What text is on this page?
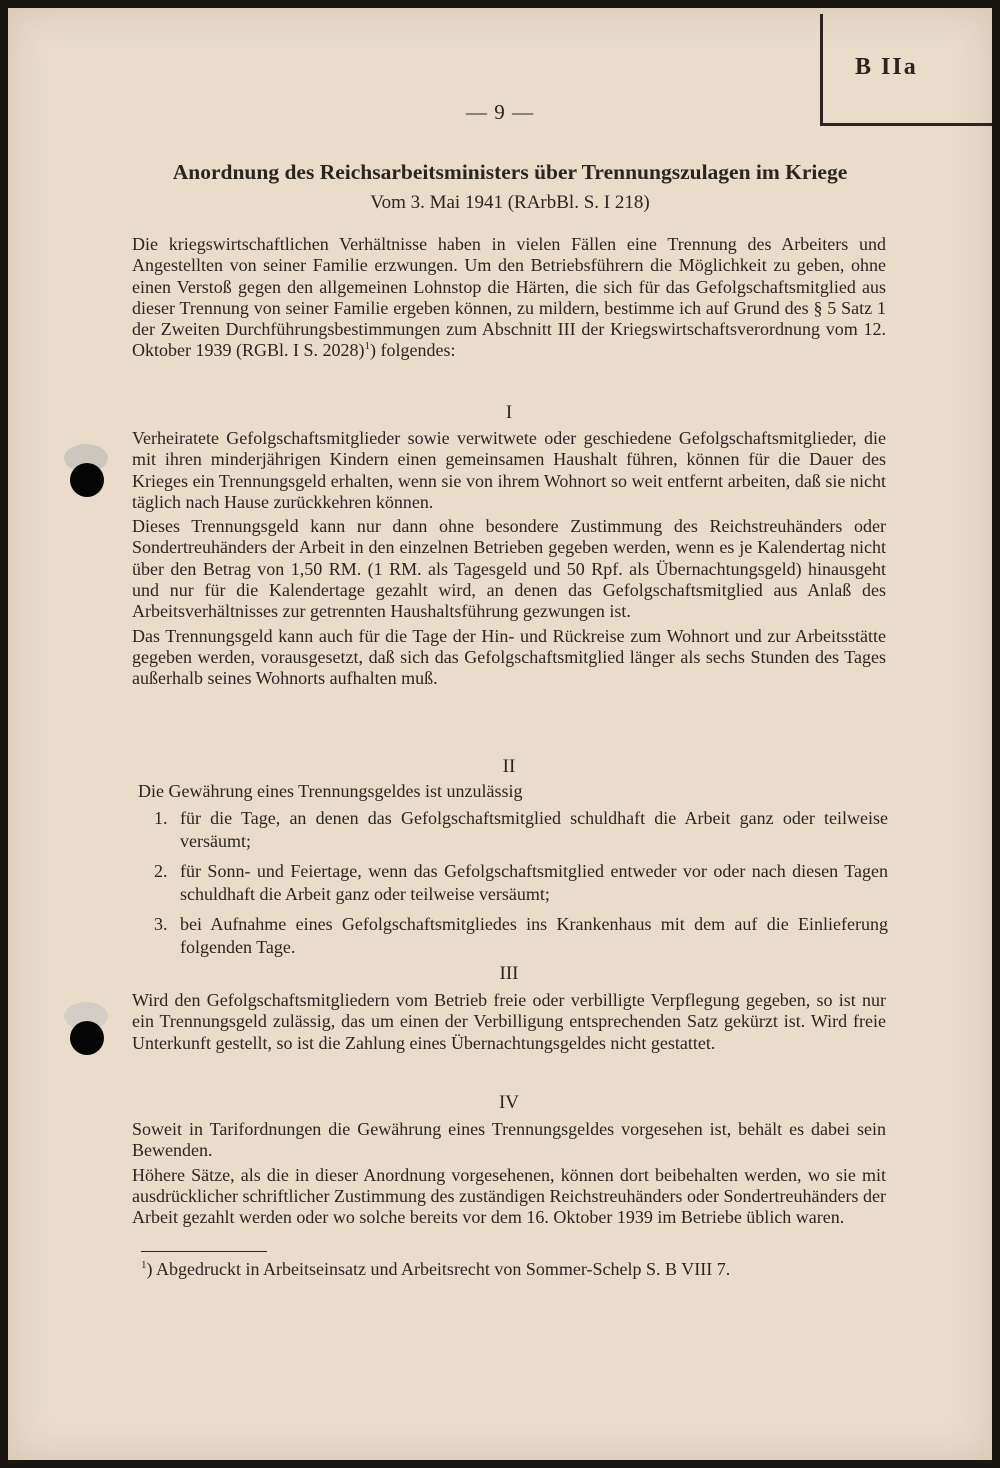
B IIa
— 9 —
Anordnung des Reichsarbeitsministers über Trennungszulagen im Kriege
Vom 3. Mai 1941 (RArbBl. S. I 218)

Die kriegswirtschaftlichen Verhältnisse haben in vielen Fällen eine Trennung des Arbeiters und Angestellten von seiner Familie erzwungen. Um den Betriebsführern die Möglichkeit zu geben, ohne einen Verstoß gegen den allgemeinen Lohnstop die Härten, die sich für das Gefolgschaftsmitglied aus dieser Trennung von seiner Familie ergeben können, zu mildern, bestimme ich auf Grund des § 5 Satz 1 der Zweiten Durchführungsbestimmungen zum Abschnitt III der Kriegswirtschaftsverordnung vom 12. Oktober 1939 (RGBl. I S. 2028)$^1$) folgendes:

I

Verheiratete Gefolgschaftsmitglieder sowie verwitwete oder geschiedene Gefolgschaftsmitglieder, die mit ihren minderjährigen Kindern einen gemeinsamen Haushalt führen, können für die Dauer des Krieges ein Trennungsgeld erhalten, wenn sie von ihrem Wohnort so weit entfernt arbeiten, daß sie nicht täglich nach Hause zurückkehren können.

Dieses Trennungsgeld kann nur dann ohne besondere Zustimmung des Reichstreuhänders oder Sondertreuhänders der Arbeit in den einzelnen Betrieben gegeben werden, wenn es je Kalendertag nicht über den Betrag von 1,50 RM. (1 RM. als Tagesgeld und 50 Rpf. als Übernachtungsgeld) hinausgeht und nur für die Kalendertage gezahlt wird, an denen das Gefolgschaftsmitglied aus Anlaß des Arbeitsverhältnisses zur getrennten Haushaltsführung gezwungen ist.

Das Trennungsgeld kann auch für die Tage der Hin- und Rückreise zum Wohnort und zur Arbeitsstätte gegeben werden, vorausgesetzt, daß sich das Gefolgschaftsmitglied länger als sechs Stunden des Tages außerhalb seines Wohnorts aufhalten muß.

II
Die Gewährung eines Trennungsgeldes ist unzulässig
1. für die Tage, an denen das Gefolgschaftsmitglied schuldhaft die Arbeit ganz oder teilweise versäumt;
2. für Sonn- und Feiertage, wenn das Gefolgschaftsmitglied entweder vor oder nach diesen Tagen schuldhaft die Arbeit ganz oder teilweise versäumt;
3. bei Aufnahme eines Gefolgschaftsmitgliedes ins Krankenhaus mit dem auf die Einlieferung folgenden Tage.
III

Wird den Gefolgschaftsmitgliedern vom Betrieb freie oder verbilligte Verpflegung gegeben, so ist nur ein Trennungsgeld zulässig, das um einen der Verbilligung entsprechenden Satz gekürzt ist. Wird freie Unterkunft gestellt, so ist die Zahlung eines Übernachtungsgeldes nicht gestattet.

IV

Soweit in Tarifordnungen die Gewährung eines Trennungsgeldes vorgesehen ist, behält es dabei sein Bewenden.

Höhere Sätze, als die in dieser Anordnung vorgesehenen, können dort beibehalten werden, wo sie mit ausdrücklicher schriftlicher Zustimmung des zuständigen Reichstreuhänders oder Sondertreuhänders der Arbeit gezahlt werden oder wo solche bereits vor dem 16. Oktober 1939 im Betriebe üblich waren.

$^1$) Abgedruckt in Arbeitseinsatz und Arbeitsrecht von Sommer-Schelp S. B VIII 7.
